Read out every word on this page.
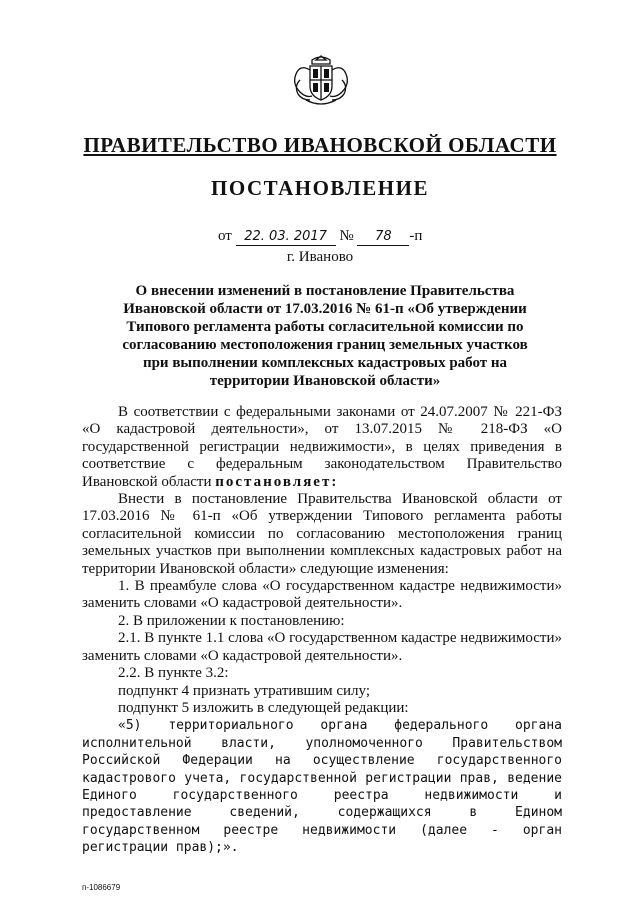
ПРАВИТЕЛЬСТВО ИВАНОВСКОЙ ОБЛАСТИ
ПОСТАНОВЛЕНИЕ
от 22. 03. 2017 № 78 -п
г. Иваново
О внесении изменений в постановление Правительства Ивановской области от 17.03.2016 № 61-п «Об утверждении Типового регламента работы согласительной комиссии по согласованию местоположения границ земельных участков при выполнении комплексных кадастровых работ на территории Ивановской области»

В соответствии с федеральными законами от 24.07.2007 № 221-ФЗ «О кадастровой деятельности», от 13.07.2015 № 218-ФЗ «О государственной регистрации недвижимости», в целях приведения в соответствие с федеральным законодательством Правительство Ивановской области постановляет:

Внести в постановление Правительства Ивановской области от 17.03.2016 № 61-п «Об утверждении Типового регламента работы согласительной комиссии по согласованию местоположения границ земельных участков при выполнении комплексных кадастровых работ на территории Ивановской области» следующие изменения:

1. В преамбуле слова «О государственном кадастре недвижимости» заменить словами «О кадастровой деятельности».

2. В приложении к постановлению:

2.1. В пункте 1.1 слова «О государственном кадастре недвижимости» заменить словами «О кадастровой деятельности».

2.2. В пункте 3.2:

подпункт 4 признать утратившим силу;

подпункт 5 изложить в следующей редакции:

«5) территориального органа федерального органа исполнительной власти, уполномоченного Правительством Российской Федерации на осуществление государственного кадастрового учета, государственной регистрации прав, ведение Единого государственного реестра недвижимости и предоставление сведений, содержащихся в Едином государственном реестре недвижимости (далее - орган регистрации прав);».

п-1086679
